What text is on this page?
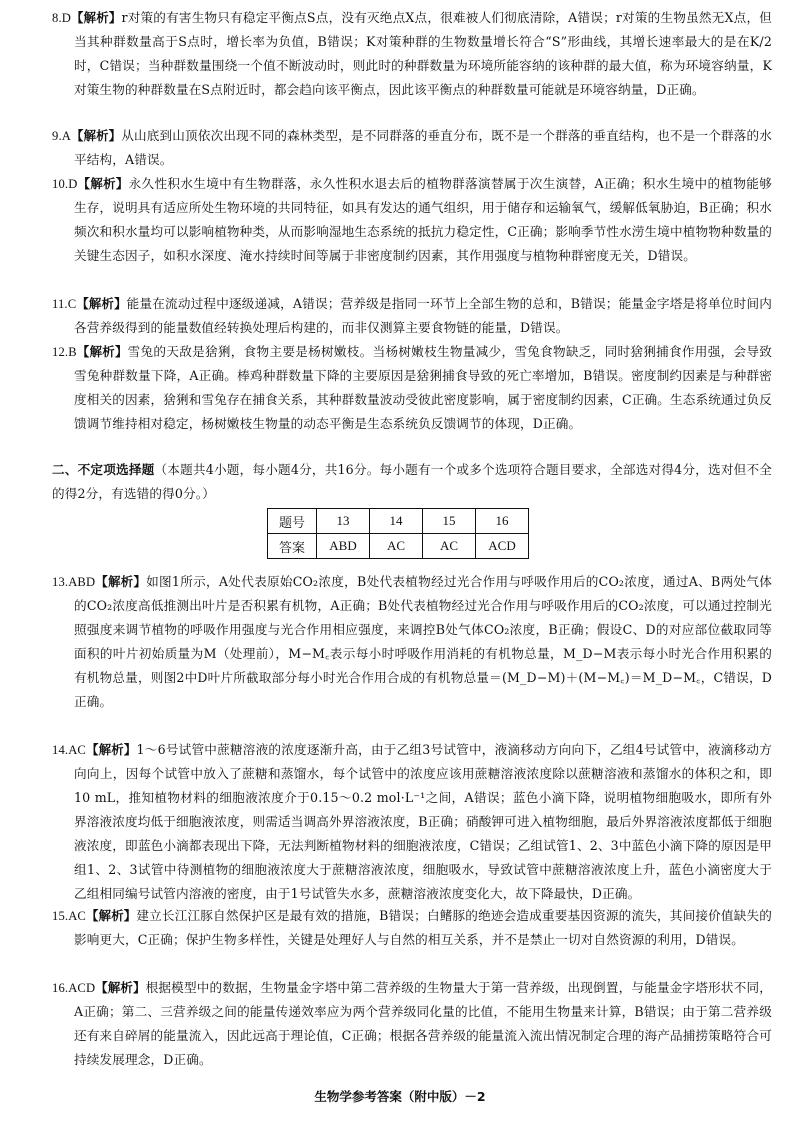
8.D【解析】r对策的有害生物只有稳定平衡点S点，没有灭绝点X点，很难被人们彻底清除，A错误；r对策的生物虽然无X点，但当其种群数量高于S点时，增长率为负值，B错误；K对策种群的生物数量增长符合“S”形曲线，其增长速率最大的是在K/2时，C错误；当种群数量围绕一个值不断波动时，则此时的种群数量为环境所能容纳的该种群的最大值，称为环境容纳量，K对策生物的种群数量在S点附近时，都会趋向该平衡点，因此该平衡点的种群数量可能就是环境容纳量，D正确。

9.A【解析】从山底到山顶依次出现不同的森林类型，是不同群落的垂直分布，既不是一个群落的垂直结构，也不是一个群落的水平结构，A错误。

10.D【解析】永久性积水生境中有生物群落，永久性积水退去后的植物群落演替属于次生演替，A正确；积水生境中的植物能够生存，说明具有适应所处生物环境的共同特征，如具有发达的通气组织，用于储存和运输氧气，缓解低氧胁迫，B正确；积水频次和积水量均可以影响植物种类，从而影响湿地生态系统的抵抗力稳定性，C正确；影响季节性水涝生境中植物物种数量的关键生态因子，如积水深度、淹水持续时间等属于非密度制约因素，其作用强度与植物种群密度无关，D错误。

11.C【解析】能量在流动过程中逐级递减，A错误；营养级是指同一环节上全部生物的总和，B错误；能量金字塔是将单位时间内各营养级得到的能量数值经转换处理后构建的，而非仅测算主要食物链的能量，D错误。

12.B【解析】雪兔的天敌是猞猁，食物主要是杨树嫩枝。当杨树嫩枝生物量减少，雪兔食物缺乏，同时猞猁捕食作用强，会导致雪兔种群数量下降，A正确。棒鸡种群数量下降的主要原因是猞猁捕食导致的死亡率增加，B错误。密度制约因素是与种群密度相关的因素，猞猁和雪兔存在捕食关系，其种群数量波动受彼此密度影响，属于密度制约因素，C正确。生态系统通过负反馈调节维持相对稳定，杨树嫩枝生物量的动态平衡是生态系统负反馈调节的体现，D正确。

二、不定项选择题（本题共4小题，每小题4分，共16分。每小题有一个或多个选项符合题目要求，全部选对得4分，选对但不全的得2分，有选错的得0分。）
题号	13	14	15	16
答案	ABD	AC	AC	ACD

13.ABD【解析】如图1所示，A处代表原始CO₂浓度，B处代表植物经过光合作用与呼吸作用后的CO₂浓度，通过A、B两处气体的CO₂浓度高低推测出叶片是否积累有机物，A正确；B处代表植物经过光合作用与呼吸作用后的CO₂浓度，可以通过控制光照强度来调节植物的呼吸作用强度与光合作用相应强度，来调控B处气体CO₂浓度，B正确；假设C、D的对应部位截取同等面积的叶片初始质量为M（处理前），M−M꜀表示每小时呼吸作用消耗的有机物总量，M_D−M表示每小时光合作用积累的有机物总量，则图2中D叶片所截取部分每小时光合作用合成的有机物总量＝(M_D−M)＋(M−M꜀)＝M_D−M꜀，C错误，D正确。

14.AC【解析】1～6号试管中蔗糖溶液的浓度逐渐升高，由于乙组3号试管中，液滴移动方向向下，乙组4号试管中，液滴移动方向向上，因每个试管中放入了蔗糖和蒸馏水，每个试管中的浓度应该用蔗糖溶液浓度除以蔗糖溶液和蒸馏水的体积之和，即10 mL，推知植物材料的细胞液浓度介于0.15～0.2 mol·L⁻¹之间，A错误；蓝色小滴下降，说明植物细胞吸水，即所有外界溶液浓度均低于细胞液浓度，则需适当调高外界溶液浓度，B正确；硝酸钾可进入植物细胞，最后外界溶液浓度都低于细胞液浓度，即蓝色小滴都表现出下降，无法判断植物材料的细胞液浓度，C错误；乙组试管1、2、3中蓝色小滴下降的原因是甲组1、2、3试管中待测植物的细胞液浓度大于蔗糖溶液浓度，细胞吸水，导致试管中蔗糖溶液浓度上升，蓝色小滴密度大于乙组相同编号试管内溶液的密度，由于1号试管失水多，蔗糖溶液浓度变化大，故下降最快，D正确。

15.AC【解析】建立长江江豚自然保护区是最有效的措施，B错误；白鳍豚的绝迹会造成重要基因资源的流失，其间接价值缺失的影响更大，C正确；保护生物多样性，关键是处理好人与自然的相互关系，并不是禁止一切对自然资源的利用，D错误。

16.ACD【解析】根据模型中的数据，生物量金字塔中第二营养级的生物量大于第一营养级，出现倒置，与能量金字塔形状不同，A正确；第二、三营养级之间的能量传递效率应为两个营养级同化量的比值，不能用生物量来计算，B错误；由于第二营养级还有来自碎屑的能量流入，因此远高于理论值，C正确；根据各营养级的能量流入流出情况制定合理的海产品捕捞策略符合可持续发展理念，D正确。

生物学参考答案（附中版）－2
